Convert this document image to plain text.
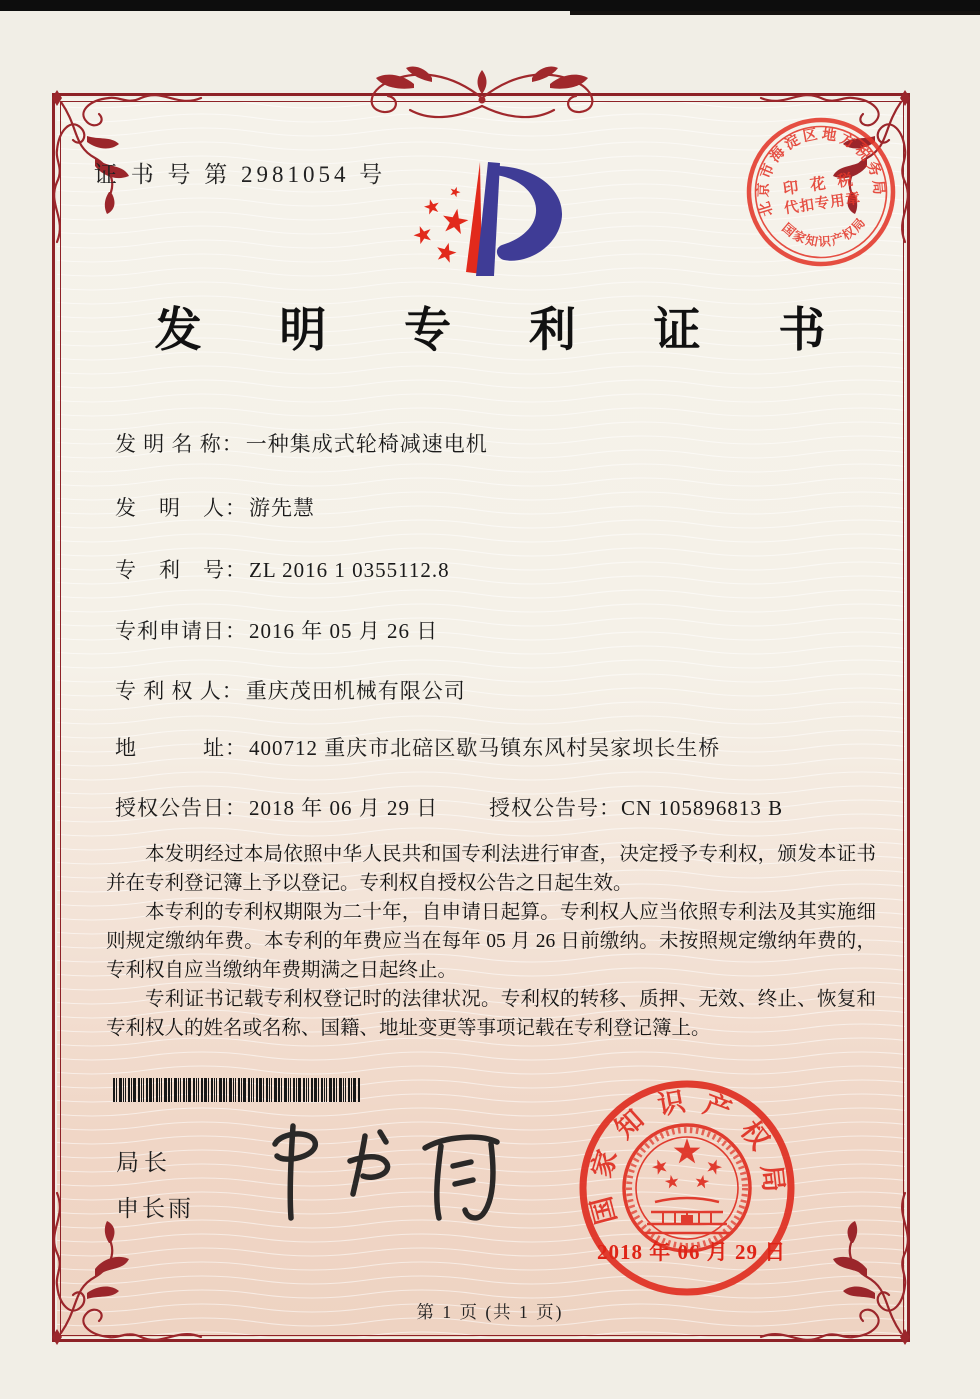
证 书 号 第 2981054 号
北京市海淀区地方税务局
印 花 税
代扣专用章
国家知识产权局
发 明 专 利 证 书
发 明 名 称：一种集成式轮椅减速电机
发　明　人：游先慧
专　利　号：ZL 2016 1 0355112.8
专利申请日：2016 年 05 月 26 日
专 利 权 人：重庆茂田机械有限公司
地　　　址：400712 重庆市北碚区歇马镇东风村吴家坝长生桥
授权公告日：2018 年 06 月 29 日 授权公告号：CN 105896813 B

本发明经过本局依照中华人民共和国专利法进行审查，决定授予专利权，颁发本证书并在专利登记簿上予以登记。专利权自授权公告之日起生效。

本专利的专利权期限为二十年，自申请日起算。专利权人应当依照专利法及其实施细则规定缴纳年费。本专利的年费应当在每年 05 月 26 日前缴纳。未按照规定缴纳年费的，专利权自应当缴纳年费期满之日起终止。

专利证书记载专利权登记时的法律状况。专利权的转移、质押、无效、终止、恢复和专利权人的姓名或名称、国籍、地址变更等事项记载在专利登记簿上。

局长
申长雨	国家知识产权局
2018 年 06 月 29 日
第 1 页 (共 1 页)
